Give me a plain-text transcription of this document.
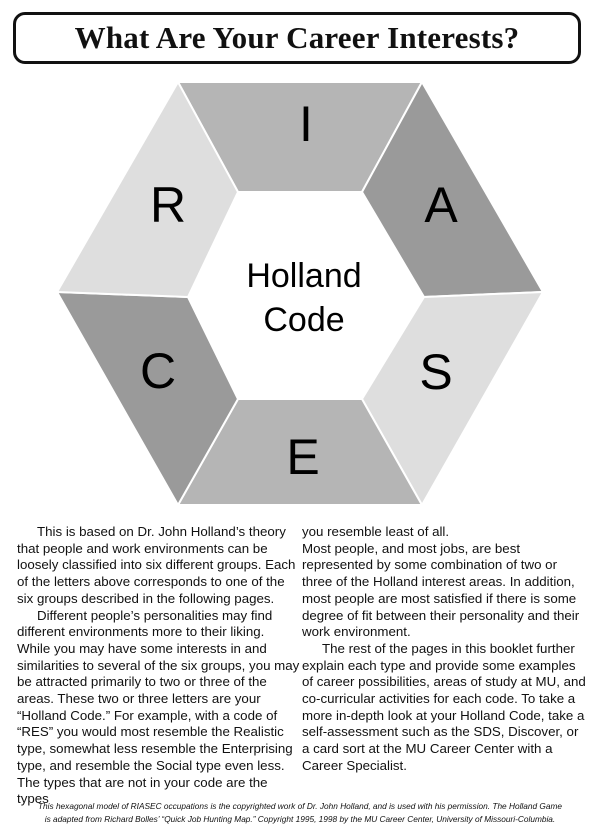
What Are Your Career Interests?
I
A
S
E
C
R
Holland
Code

This is based on Dr. John Holland’s theory that people and work environments can be loosely classified into six different groups. Each of the letters above corresponds to one of the six groups described in the following pages.

Different people’s personalities may find different environments more to their liking. While you may have some interests in and similarities to several of the six groups, you may be attracted primarily to two or three of the areas. These two or three letters are your “Holland Code.” For example, with a code of “RES” you would most resemble the Realistic type, somewhat less resemble the Enterprising type, and resemble the Social type even less. The types that are not in your code are the types

you resemble least of all.

Most people, and most jobs, are best represented by some combination of two or three of the Holland interest areas. In addition, most people are most satisfied if there is some degree of fit between their personality and their work environment.

The rest of the pages in this booklet further explain each type and provide some examples of career possibilities, areas of study at MU, and co-curricular activities for each code. To take a more in-depth look at your Holland Code, take a self-assessment such as the SDS, Discover, or a card sort at the MU Career Center with a Career Specialist.

This hexagonal model of RIASEC occupations is the copyrighted work of Dr. John Holland, and is used with his permission. The Holland Game

is adapted from Richard Bolles’ “Quick Job Hunting Map.” Copyright 1995, 1998 by the MU Career Center, University of Missouri-Columbia.
